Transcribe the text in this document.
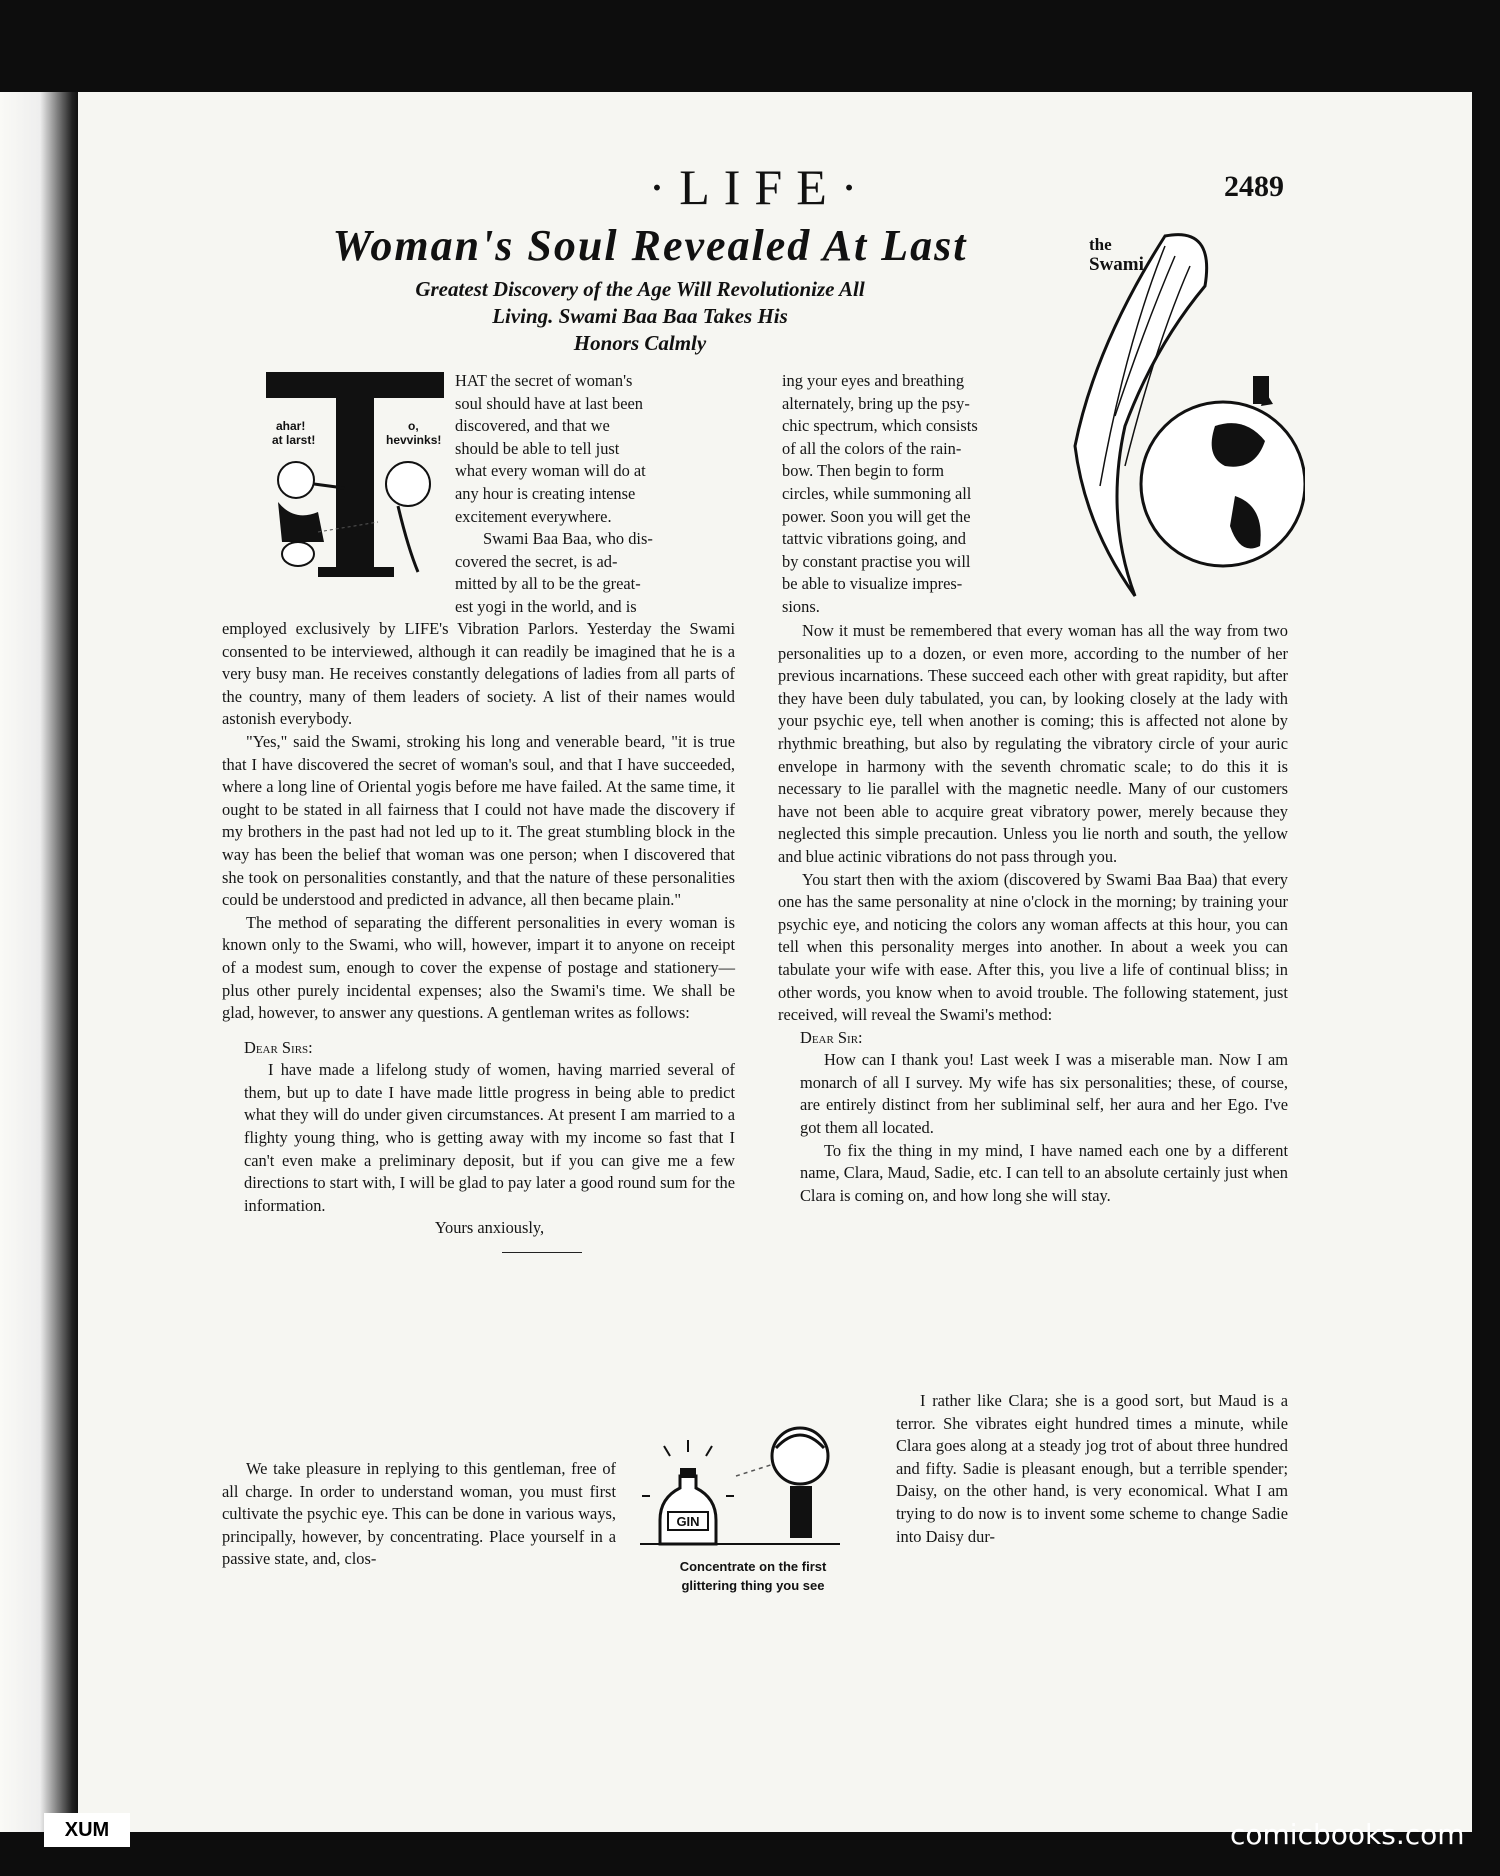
·LIFE·	2489
Woman's Soul Revealed At Last
Greatest Discovery of the Age Will Revolutionize All
Living. Swami Baa Baa Takes His
Honors Calmly
ahar!
at larst!
o,
hevvinks!
the
Swami
HAT the secret of woman's
soul should have at last been
discovered, and that we
should be able to tell just
what every woman will do at
any hour is creating intense
excitement everywhere.
Swami Baa Baa, who dis-
covered the secret, is ad-
mitted by all to be the great-
est yogi in the world, and is

employed exclusively by LIFE's Vibration Parlors. Yesterday the Swami consented to be interviewed, although it can readily be imagined that he is a very busy man. He receives constantly delegations of ladies from all parts of the country, many of them leaders of society. A list of their names would astonish everybody.

"Yes," said the Swami, stroking his long and venerable beard, "it is true that I have discovered the secret of woman's soul, and that I have succeeded, where a long line of Oriental yogis before me have failed. At the same time, it ought to be stated in all fairness that I could not have made the discovery if my brothers in the past had not led up to it. The great stumbling block in the way has been the belief that woman was one person; when I discovered that she took on personalities constantly, and that the nature of these personalities could be understood and predicted in advance, all then became plain."

The method of separating the different personalities in every woman is known only to the Swami, who will, however, impart it to anyone on receipt of a modest sum, enough to cover the expense of postage and stationery—plus other purely incidental expenses; also the Swami's time. We shall be glad, however, to answer any questions. A gentleman writes as follows:

Dear Sirs:

I have made a lifelong study of women, having married several of them, but up to date I have made little progress in being able to predict what they will do under given circumstances. At present I am married to a flighty young thing, who is getting away with my income so fast that I can't even make a preliminary deposit, but if you can give me a few directions to start with, I will be glad to pay later a good round sum for the information.

Yours anxiously,

We take pleasure in replying to this gentleman, free of all charge. In order to understand woman, you must first cultivate the psychic eye. This can be done in various ways, principally, however, by concentrating. Place yourself in a passive state, and, clos-

GIN
Concentrate on the first
glittering thing you see
ing your eyes and breathing
alternately, bring up the psy-
chic spectrum, which consists
of all the colors of the rain-
bow. Then begin to form
circles, while summoning all
power. Soon you will get the
tattvic vibrations going, and
by constant practise you will
be able to visualize impres-
sions.

Now it must be remembered that every woman has all the way from two personalities up to a dozen, or even more, according to the number of her previous incarnations. These succeed each other with great rapidity, but after they have been duly tabulated, you can, by looking closely at the lady with your psychic eye, tell when another is coming; this is affected not alone by rhythmic breathing, but also by regulating the vibratory circle of your auric envelope in harmony with the seventh chromatic scale; to do this it is necessary to lie parallel with the magnetic needle. Many of our customers have not been able to acquire great vibratory power, merely because they neglected this simple precaution. Unless you lie north and south, the yellow and blue actinic vibrations do not pass through you.

You start then with the axiom (discovered by Swami Baa Baa) that every one has the same personality at nine o'clock in the morning; by training your psychic eye, and noticing the colors any woman affects at this hour, you can tell when this personality merges into another. In about a week you can tabulate your wife with ease. After this, you live a life of continual bliss; in other words, you know when to avoid trouble. The following statement, just received, will reveal the Swami's method:

Dear Sir:

How can I thank you! Last week I was a miserable man. Now I am monarch of all I survey. My wife has six personalities; these, of course, are entirely distinct from her subliminal self, her aura and her Ego. I've got them all located.

To fix the thing in my mind, I have named each one by a different name, Clara, Maud, Sadie, etc. I can tell to an absolute certainly just when Clara is coming on, and how long she will stay.

I rather like Clara; she is a good sort, but Maud is a terror. She vibrates eight hundred times a minute, while Clara goes along at a steady jog trot of about three hundred and fifty. Sadie is pleasant enough, but a terrible spender; Daisy, on the other hand, is very economical. What I am trying to do now is to invent some scheme to change Sadie into Daisy dur-

XUM	comicbooks.com
